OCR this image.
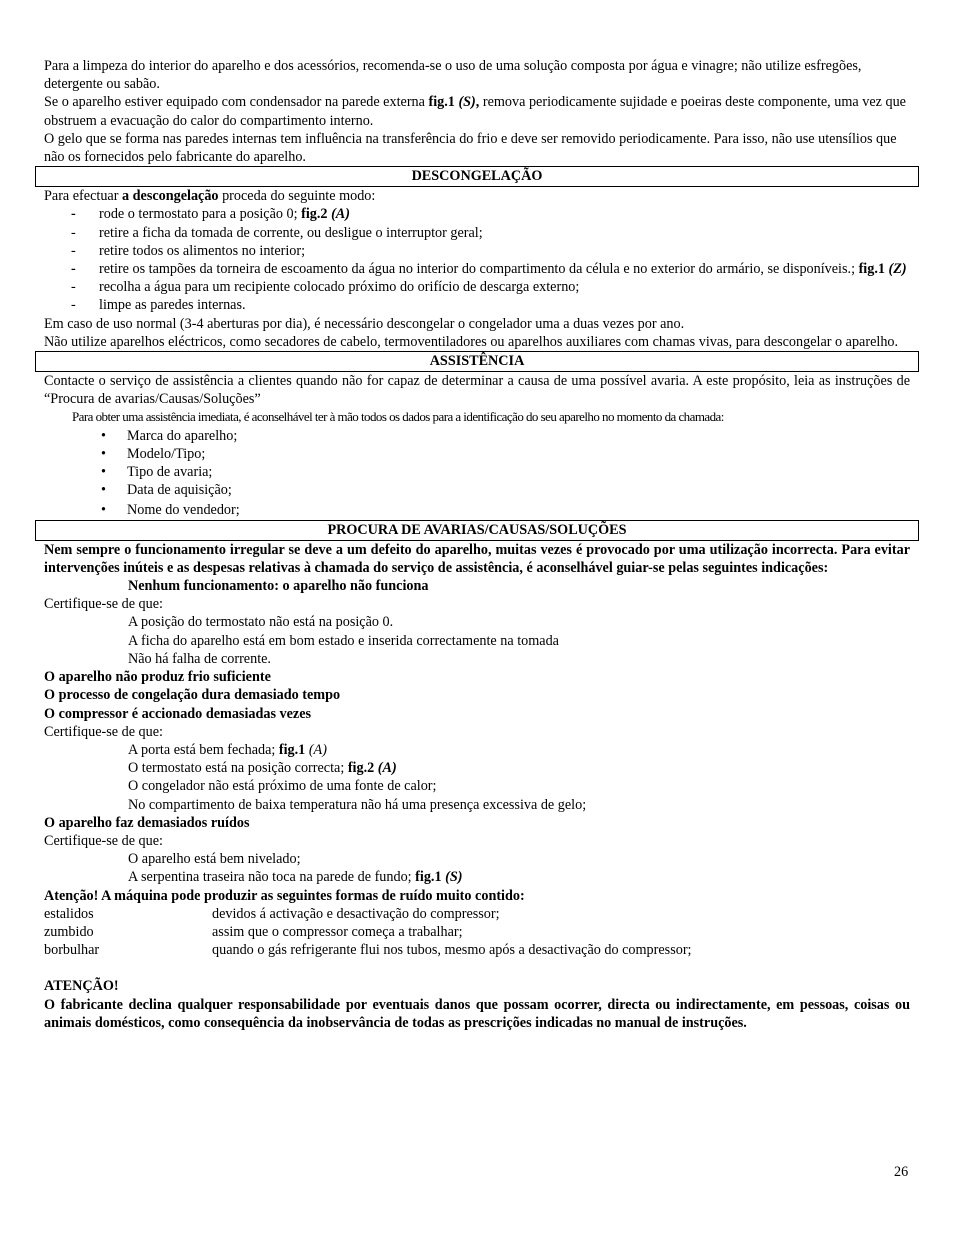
Para a limpeza do interior do aparelho e dos acessórios, recomenda-se o uso de uma solução composta por água e vinagre; não utilize esfregões, detergente ou sabão.

Se o aparelho estiver equipado com condensador na parede externa fig.1 (S), remova periodicamente sujidade e poeiras deste componente, uma vez que obstruem a evacuação do calor do compartimento interno.

O gelo que se forma nas paredes internas tem influência na transferência do frio e deve ser removido periodicamente. Para isso, não use utensílios que não os fornecidos pelo fabricante do aparelho.

DESCONGELAÇÃO

Para efectuar a descongelação proceda do seguinte modo:

-	rode o termostato para a posição 0; fig.2 (A)
-	retire a ficha da tomada de corrente, ou desligue o interruptor geral;
-	retire todos os alimentos no interior;
-	retire os tampões da torneira de escoamento da água no interior do compartimento da célula e no exterior do armário, se disponíveis.; fig.1 (Z)
-	recolha a água para um recipiente colocado próximo do orifício de descarga externo;
-	limpe as paredes internas.

Em caso de uso normal (3-4 aberturas por dia), é necessário descongelar o congelador uma a duas vezes por ano.

Não utilize aparelhos eléctricos, como secadores de cabelo, termoventiladores ou aparelhos auxiliares com chamas vivas, para descongelar o aparelho.

ASSISTÊNCIA

Contacte o serviço de assistência a clientes quando não for capaz de determinar a causa de uma possível avaria. A este propósito, leia as instruções de “Procura de avarias/Causas/Soluções”

Para obter uma assistência imediata, é aconselhável ter à mão todos os dados para a identificação do seu aparelho no momento da chamada:

• Marca do aparelho;
• Modelo/Tipo;
• Tipo de avaria;
• Data de aquisição;
• Nome do vendedor;
PROCURA DE AVARIAS/CAUSAS/SOLUÇÕES

Nem sempre o funcionamento irregular se deve a um defeito do aparelho, muitas vezes é provocado por uma utilização incorrecta. Para evitar intervenções inúteis e as despesas relativas à chamada do serviço de assistência, é aconselhável guiar-se pelas seguintes indicações:

Nenhum funcionamento: o aparelho não funciona

Certifique-se de que:

A posição do termostato não está na posição 0.

A ficha do aparelho está em bom estado e inserida correctamente na tomada

Não há falha de corrente.

O aparelho não produz frio suficiente

O processo de congelação dura demasiado tempo

O compressor é accionado demasiadas vezes

Certifique-se de que:

A porta está bem fechada; fig.1 (A)

O termostato está na posição correcta; fig.2 (A)

O congelador não está próximo de uma fonte de calor;

No compartimento de baixa temperatura não há uma presença excessiva de gelo;

O aparelho faz demasiados ruídos

Certifique-se de que:

O aparelho está bem nivelado;

A serpentina traseira não toca na parede de fundo; fig.1 (S)

Atenção! A máquina pode produzir as seguintes formas de ruído muito contido:

estalidos	devidos á activação e desactivação do compressor;
zumbido	assim que o compressor começa a trabalhar;
borbulhar	quando o gás refrigerante flui nos tubos, mesmo após a desactivação do compressor;

ATENÇÃO!

O fabricante declina qualquer responsabilidade por eventuais danos que possam ocorrer, directa ou indirectamente, em pessoas, coisas ou animais domésticos, como consequência da inobservância de todas as prescrições indicadas no manual de instruções.

26
